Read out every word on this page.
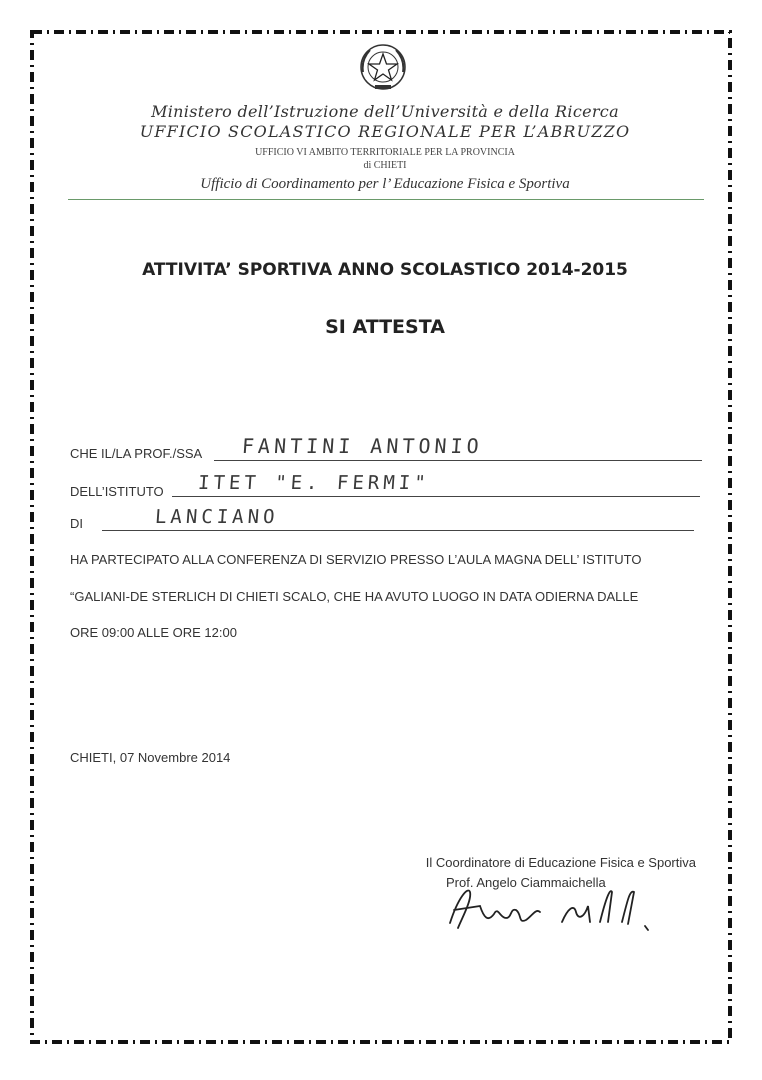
Ministero dell’Istruzione dell’Università e della Ricerca
UFFICIO SCOLASTICO REGIONALE PER L’ABRUZZO
UFFICIO VI AMBITO TERRITORIALE PER LA PROVINCIA
di CHIETI
Ufficio di Coordinamento per l’ Educazione Fisica e Sportiva
ATTIVITA’ SPORTIVA ANNO SCOLASTICO 2014-2015
SI ATTESTA
CHE IL/LA PROF./SSA FANTINI ANTONIO
DELL’ISTITUTO ITET "E. FERMI"
DI	LANCIANO
HA PARTECIPATO ALLA CONFERENZA DI SERVIZIO PRESSO L’AULA MAGNA DELL’ ISTITUTO
“GALIANI-DE STERLICH DI CHIETI SCALO, CHE HA AVUTO LUOGO IN DATA ODIERNA DALLE
ORE 09:00 ALLE ORE 12:00
CHIETI, 07 Novembre 2014
Il Coordinatore di Educazione Fisica e Sportiva
Prof. Angelo Ciammaichella
